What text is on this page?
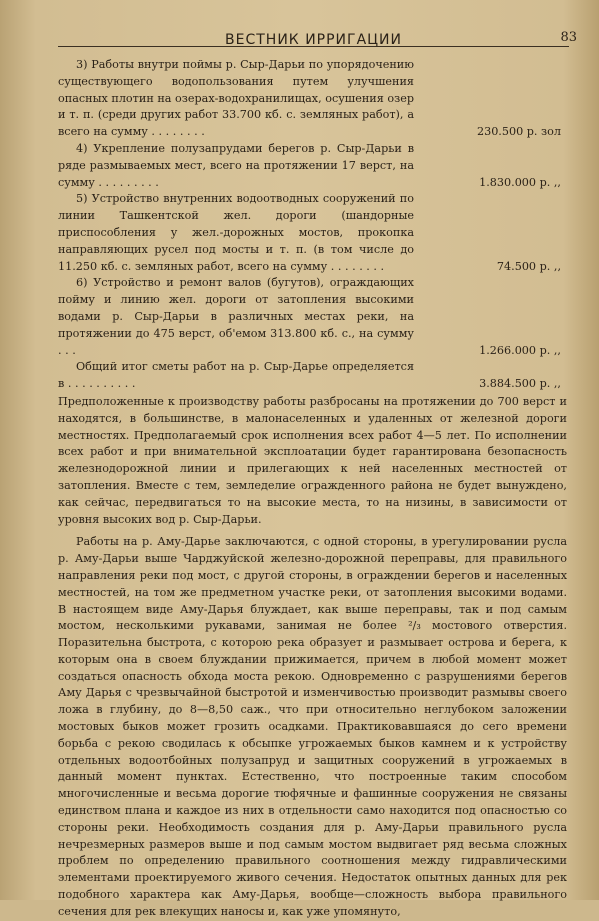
ВЕСТНИК ИРРИГАЦИИ	83
3) Работы внутри поймы р. Сыр-Дарьи по упорядочению существующего водопользования путем улучшения опасных плотин на озерах-водохранилищах, осушения озер и т. п. (среди других работ 33.700 кб. с. земляных работ), а всего на сумму . . . . . . . .	230.500 р. зол
4) Укрепление полузапрудами берегов р. Сыр-Дарьи в ряде размываемых мест, всего на протяжении 17 верст, на сумму . . . . . . . . .	1.830.000 р. ,,
5) Устройство внутренних водоотводных сооружений по линии Ташкентской жел. дороги (шандорные приспособления у жел.-дорожных мостов, прокопка направляющих русел под мосты и т. п. (в том числе до 11.250 кб. с. земляных работ, всего на сумму . . . . . . . .	74.500 р. ,,
6) Устройство и ремонт валов (бугутов), ограждающих пойму и линию жел. дороги от затопления высокими водами р. Сыр-Дарьи в различных местах реки, на протяжении до 475 верст, об'емом 313.800 кб. с., на сумму . . .	1.266.000 р. ,,
Общий итог сметы работ на р. Сыр-Дарье определяется в . . . . . . . . . .	3.884.500 р. ,,

Предположенные к производству работы разбросаны на протяжении до 700 верст и находятся, в большинстве, в малонаселенных и удаленных от железной дороги местностях. Предполагаемый срок исполнения всех работ 4—5 лет. По исполнении всех работ и при внимательной эксплоатации будет гарантирована безопасность железнодорожной линии и прилегающих к ней населенных местностей от затопления. Вместе с тем, земледелие огражденного района не будет вынуждено, как сейчас, передвигаться то на высокие места, то на низины, в зависимости от уровня высоких вод р. Сыр-Дарьи.

Работы на р. Аму-Дарье заключаются, с одной стороны, в урегулировании русла р. Аму-Дарьи выше Чарджуйской железно-дорожной переправы, для правильного направления реки под мост, с другой стороны, в ограждении берегов и населенных местностей, на том же предметном участке реки, от затопления высокими водами. В настоящем виде Аму-Дарья блуждает, как выше переправы, так и под самым мостом, несколькими рукавами, занимая не более ²/₃ мостового отверстия. Поразительна быстрота, с которою река образует и размывает острова и берега, к которым она в своем блуждании прижимается, причем в любой момент может создаться опасность обхода моста рекою. Одновременно с разрушениями берегов Аму Дарья с чрезвычайной быстротой и изменчивостью производит размывы своего ложа в глубину, до 8—8,50 саж., что при относительно неглубоком заложении мостовых быков может грозить осадками. Практиковавшаяся до сего времени борьба с рекою сводилась к обсыпке угрожаемых быков камнем и к устройству отдельных водоотбойных полузапруд и защитных сооружений в угрожаемых в данный момент пунктах. Естественно, что построенные таким способом многочисленные и весьма дорогие тюфячные и фашинные сооружения не связаны единством плана и каждое из них в отдельности само находится под опасностью со стороны реки. Необходимость создания для р. Аму-Дарьи правильного русла нечрезмерных размеров выше и под самым мостом выдвигает ряд весьма сложных проблем по определению правильного соотношения между гидравлическими элементами проектируемого живого сечения. Недостаток опытных данных для рек подобного характера как Аму-Дарья, вообще—сложность выбора правильного сечения для рек влекущих наносы и, как уже упомянуто,
